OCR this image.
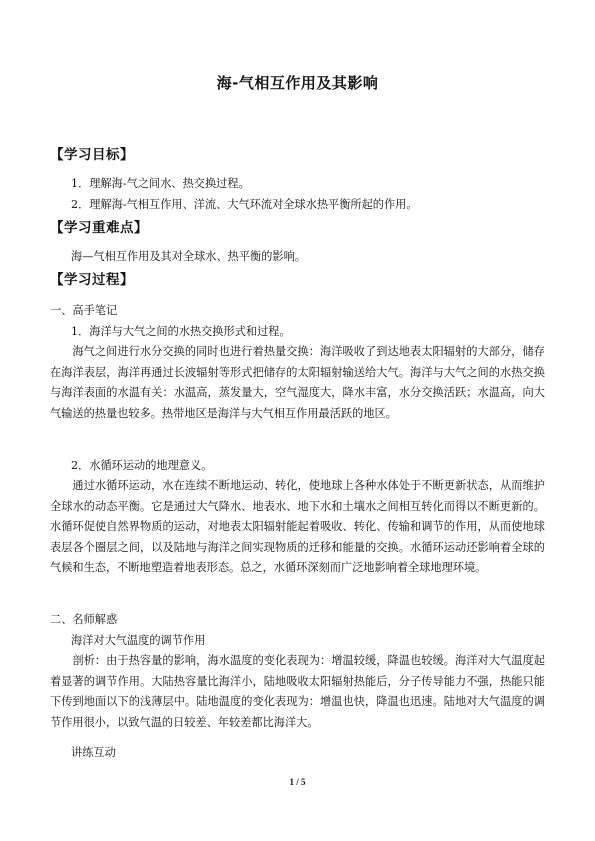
海-气相互作用及其影响
【学习目标】
1．理解海-气之间水、热交换过程。
2．理解海-气相互作用、洋流、大气环流对全球水热平衡所起的作用。
【学习重难点】
海—气相互作用及其对全球水、热平衡的影响。
【学习过程】
一、高手笔记
1．海洋与大气之间的水热交换形式和过程。
海气之间进行水分交换的同时也进行着热量交换：海洋吸收了到达地表太阳辐射的大部分，储存在海洋表层，海洋再通过长波辐射等形式把储存的太阳辐射输送给大气。海洋与大气之间的水热交换与海洋表面的水温有关：水温高，蒸发量大，空气湿度大，降水丰富，水分交换活跃；水温高，向大气输送的热量也较多。热带地区是海洋与大气相互作用最活跃的地区。
2．水循环运动的地理意义。
通过水循环运动，水在连续不断地运动、转化，使地球上各种水体处于不断更新状态，从而维护全球水的动态平衡。它是通过大气降水、地表水、地下水和土壤水之间相互转化而得以不断更新的。水循环促使自然界物质的运动，对地表太阳辐射能起着吸收、转化、传输和调节的作用，从而使地球表层各个圈层之间，以及陆地与海洋之间实现物质的迁移和能量的交换。水循环运动还影响着全球的气候和生态，不断地塑造着地表形态。总之，水循环深刻而广泛地影响着全球地理环境。
二、名师解惑
海洋对大气温度的调节作用
剖析：由于热容量的影响，海水温度的变化表现为：增温较缓，降温也较缓。海洋对大气温度起着显著的调节作用。大陆热容量比海洋小，陆地吸收太阳辐射热能后，分子传导能力不强，热能只能下传到地面以下的浅薄层中。陆地温度的变化表现为：增温也快，降温也迅速。陆地对大气温度的调节作用很小，以致气温的日较差、年较差都比海洋大。
讲练互动
1 / 5
